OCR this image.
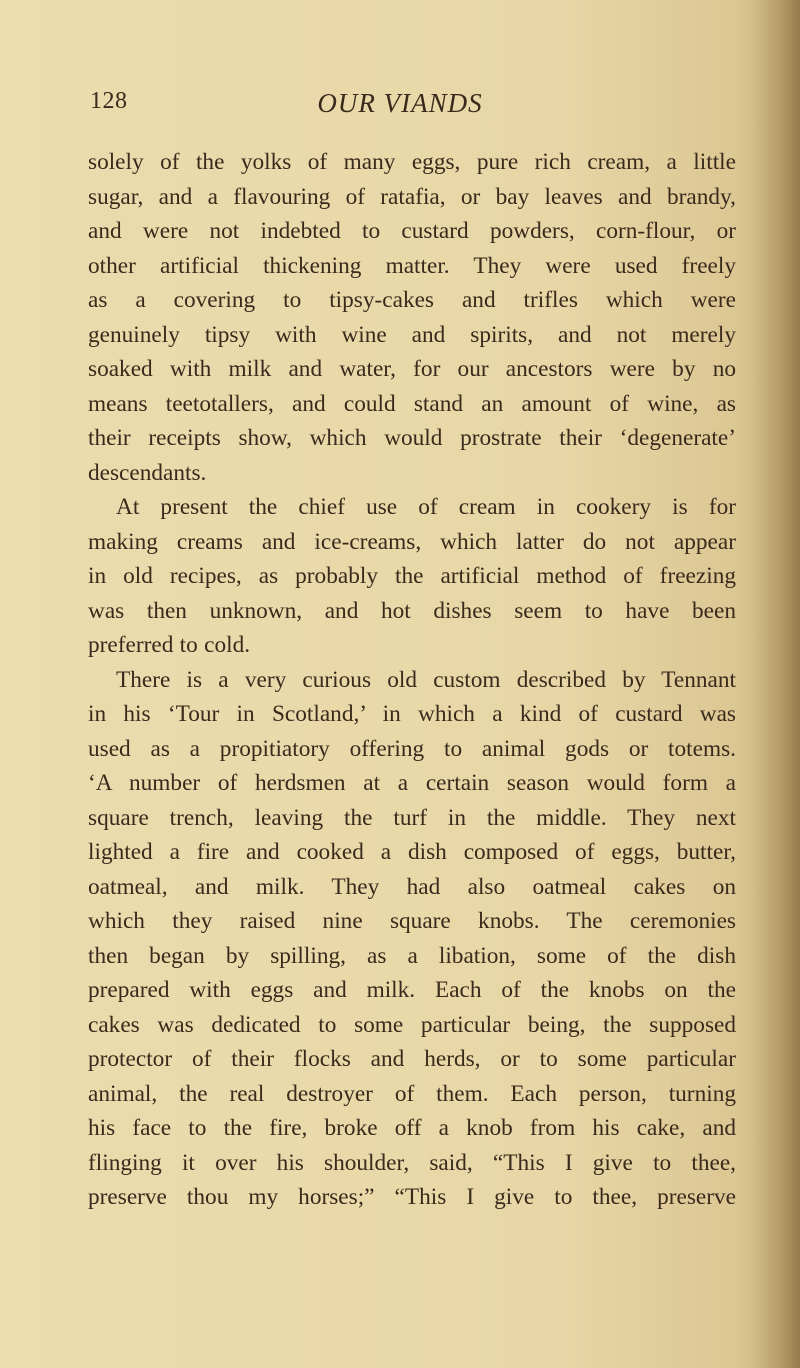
128	OUR VIANDS
solely of the yolks of many eggs, pure rich cream, a little
sugar, and a flavouring of ratafia, or bay leaves and brandy,
and were not indebted to custard powders, corn-flour, or
other artificial thickening matter. They were used freely
as a covering to tipsy-cakes and trifles which were
genuinely tipsy with wine and spirits, and not merely
soaked with milk and water, for our ancestors were by no
means teetotallers, and could stand an amount of wine, as
their receipts show, which would prostrate their ‘degenerate’
descendants.
At present the chief use of cream in cookery is for
making creams and ice-creams, which latter do not appear
in old recipes, as probably the artificial method of freezing
was then unknown, and hot dishes seem to have been
preferred to cold.
There is a very curious old custom described by Tennant
in his ‘Tour in Scotland,’ in which a kind of custard was
used as a propitiatory offering to animal gods or totems.
‘A number of herdsmen at a certain season would form a
square trench, leaving the turf in the middle. They next
lighted a fire and cooked a dish composed of eggs, butter,
oatmeal, and milk. They had also oatmeal cakes on
which they raised nine square knobs. The ceremonies
then began by spilling, as a libation, some of the dish
prepared with eggs and milk. Each of the knobs on the
cakes was dedicated to some particular being, the supposed
protector of their flocks and herds, or to some particular
animal, the real destroyer of them. Each person, turning
his face to the fire, broke off a knob from his cake, and
flinging it over his shoulder, said, “This I give to thee,
preserve thou my horses;” “This I give to thee, preserve
